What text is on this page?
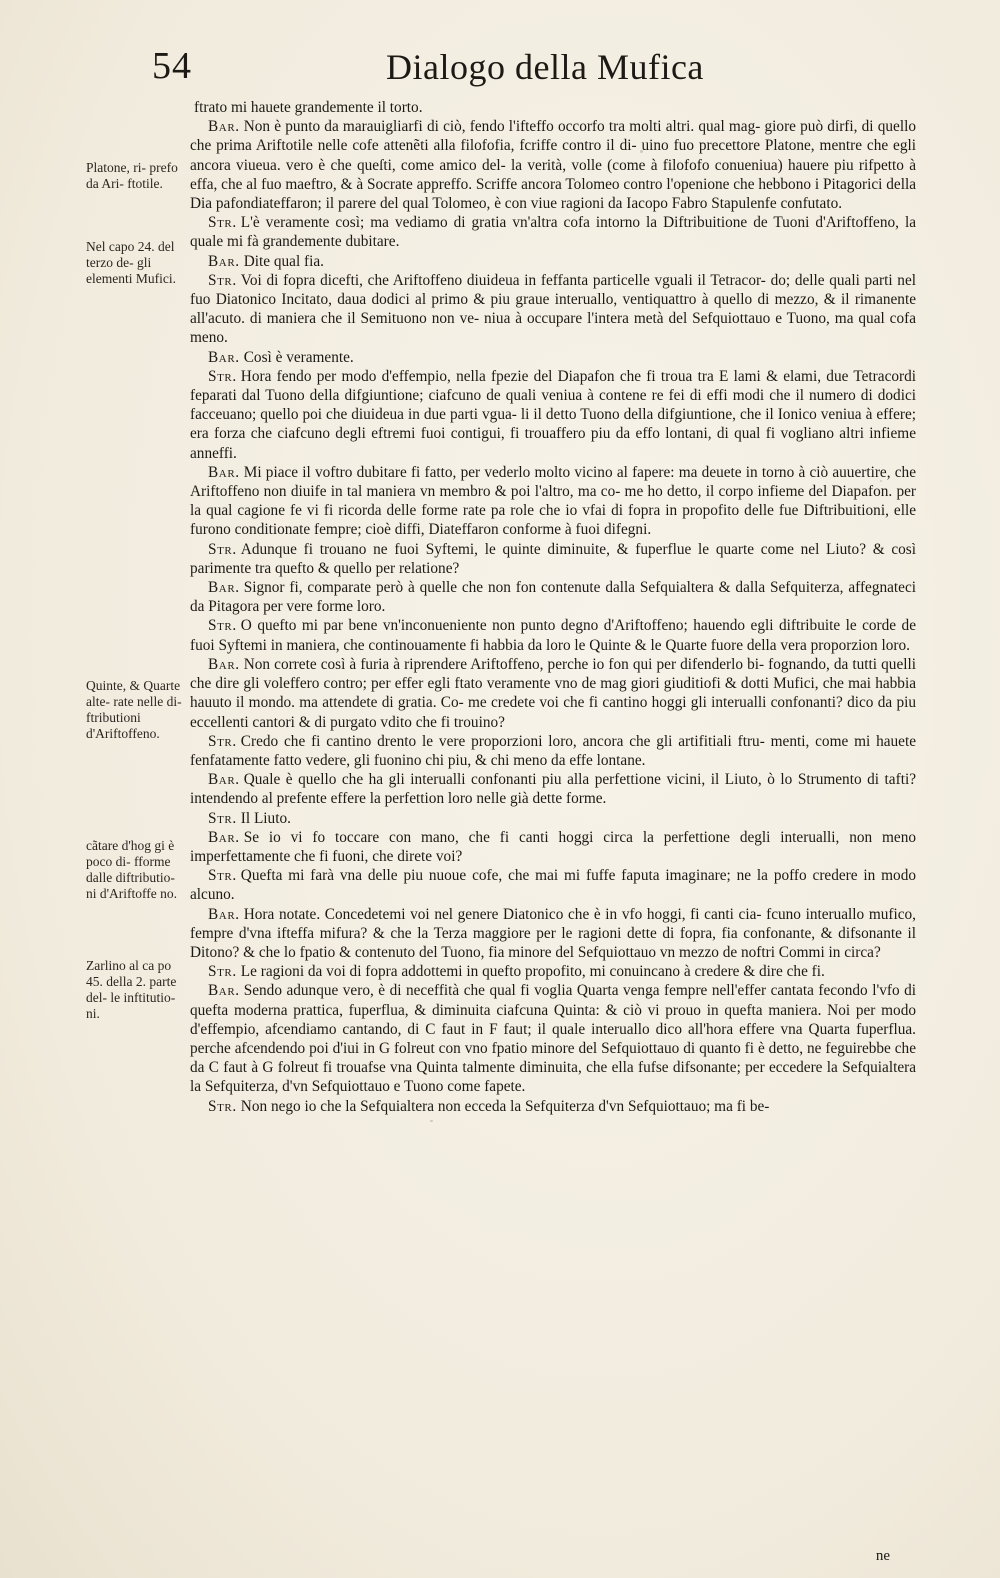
54	Dialogo della Mufica
Platone, ri- prefo da Ari- ftotile.
Nel capo 24. del terzo de- gli elementi Mufici.
Quinte, & Quarte alte- rate nelle di- ftributioni d'Ariftoffeno.
cãtare d'hog gi è poco di- fforme dalle diftributio- ni d'Ariftoffe no.
Zarlino al ca po 45. della 2. parte del- le inftitutio- ni.

ftrato mi hauete grandemente il torto.

Bar. Non è punto da marauigliarfi di ciò, fendo l'ifteffo occorfo tra molti altri. qual mag- giore può dirfi, di quello che prima Ariftotile nelle cofe attenẽti alla filofofia, fcriffe contro il di- uino fuo precettore Platone, mentre che egli ancora viueua. vero è che queſti, come amico del- la verità, volle (come à filofofo conueniua) hauere piu rifpetto à effa, che al fuo maeftro, & à Socrate appreffo. Scriffe ancora Tolomeo contro l'openione che hebbono i Pitagorici della Dia pafondiateffaron; il parere del qual Tolomeo, è con viue ragioni da Iacopo Fabro Stapulenfe confutato.

Str. L'è veramente così; ma vediamo di gratia vn'altra cofa intorno la Diftribuitione de Tuoni d'Ariftoffeno, la quale mi fà grandemente dubitare.

Bar. Dite qual fia.

Str. Voi di fopra dicefti, che Ariftoffeno diuideua in feffanta particelle vguali il Tetracor- do; delle quali parti nel fuo Diatonico Incitato, daua dodici al primo & piu graue interuallo, ventiquattro à quello di mezzo, & il rimanente all'acuto. di maniera che il Semituono non ve- niua à occupare l'intera metà del Sefquiottauo e Tuono, ma qual cofa meno.

Bar. Così è veramente.

Str. Hora fendo per modo d'effempio, nella fpezie del Diapafon che fi troua tra E lami & elami, due Tetracordi feparati dal Tuono della difgiuntione; ciafcuno de quali veniua à contene re fei di effi modi che il numero di dodici facceuano; quello poi che diuideua in due parti vgua- li il detto Tuono della difgiuntione, che il Ionico veniua à effere; era forza che ciafcuno degli eftremi fuoi contigui, fi trouaffero piu da effo lontani, di qual fi vogliano altri infieme anneffi.

Bar. Mi piace il voftro dubitare fi fatto, per vederlo molto vicino al fapere: ma deuete in torno à ciò auuertire, che Ariftoffeno non diuife in tal maniera vn membro & poi l'altro, ma co- me ho detto, il corpo infieme del Diapafon. per la qual cagione fe vi fi ricorda delle forme rate pa role che io vfai di fopra in propofito delle fue Diftribuitioni, elle furono conditionate fempre; cioè diffi, Diateffaron conforme à fuoi difegni.

Str. Adunque fi trouano ne fuoi Syftemi, le quinte diminuite, & fuperflue le quarte come nel Liuto? & così parimente tra quefto & quello per relatione?

Bar. Signor fi, comparate però à quelle che non fon contenute dalla Sefquialtera & dalla Sefquiterza, affegnateci da Pitagora per vere forme loro.

Str. O quefto mi par bene vn'inconueniente non punto degno d'Ariftoffeno; hauendo egli diftribuite le corde de fuoi Syftemi in maniera, che continouamente fi habbia da loro le Quinte & le Quarte fuore della vera proporzion loro.

Bar. Non correte così à furia à riprendere Ariftoffeno, perche io fon qui per difenderlo bi- fognando, da tutti quelli che dire gli voleffero contro; per effer egli ftato veramente vno de mag giori giuditiofi & dotti Mufici, che mai habbia hauuto il mondo. ma attendete di gratia. Co- me credete voi che fi cantino hoggi gli interualli confonanti? dico da piu eccellenti cantori & di purgato vdito che fi trouino?

Str. Credo che fi cantino drento le vere proporzioni loro, ancora che gli artifitiali ftru- menti, come mi hauete fenfatamente fatto vedere, gli fuonino chi piu, & chi meno da effe lontane.

Bar. Quale è quello che ha gli interualli confonanti piu alla perfettione vicini, il Liuto, ò lo Strumento di tafti? intendendo al prefente effere la perfettion loro nelle già dette forme.

Str. Il Liuto.

Bar. Se io vi fo toccare con mano, che fi canti hoggi circa la perfettione degli interualli, non meno imperfettamente che fi fuoni, che direte voi?

Str. Quefta mi farà vna delle piu nuoue cofe, che mai mi fuffe faputa imaginare; ne la poffo credere in modo alcuno.

Bar. Hora notate. Concedetemi voi nel genere Diatonico che è in vfo hoggi, fi canti cia- fcuno interuallo mufico, fempre d'vna ifteffa mifura? & che la Terza maggiore per le ragioni dette di fopra, fia confonante, & difsonante il Ditono? & che lo fpatio & contenuto del Tuono, fia minore del Sefquiottauo vn mezzo de noftri Commi in circa?

Str. Le ragioni da voi di fopra addottemi in quefto propofito, mi conuincano à credere & dire che fi.

Bar. Sendo adunque vero, è di neceffità che qual fi voglia Quarta venga fempre nell'effer cantata fecondo l'vfo di quefta moderna prattica, fuperflua, & diminuita ciafcuna Quinta: & ciò vi prouo in quefta maniera. Noi per modo d'effempio, afcendiamo cantando, di C faut in F faut; il quale interuallo dico all'hora effere vna Quarta fuperflua. perche afcendendo poi d'iui in G folreut con vno fpatio minore del Sefquiottauo di quanto fi è detto, ne feguirebbe che da C faut à G folreut fi trouafse vna Quinta talmente diminuita, che ella fufse difsonante; per eccedere la Sefquialtera la Sefquiterza, d'vn Sefquiottauo e Tuono come fapete.

Str. Non nego io che la Sefquialtera non ecceda la Sefquiterza d'vn Sefquiottauo; ma fi be-

ne
